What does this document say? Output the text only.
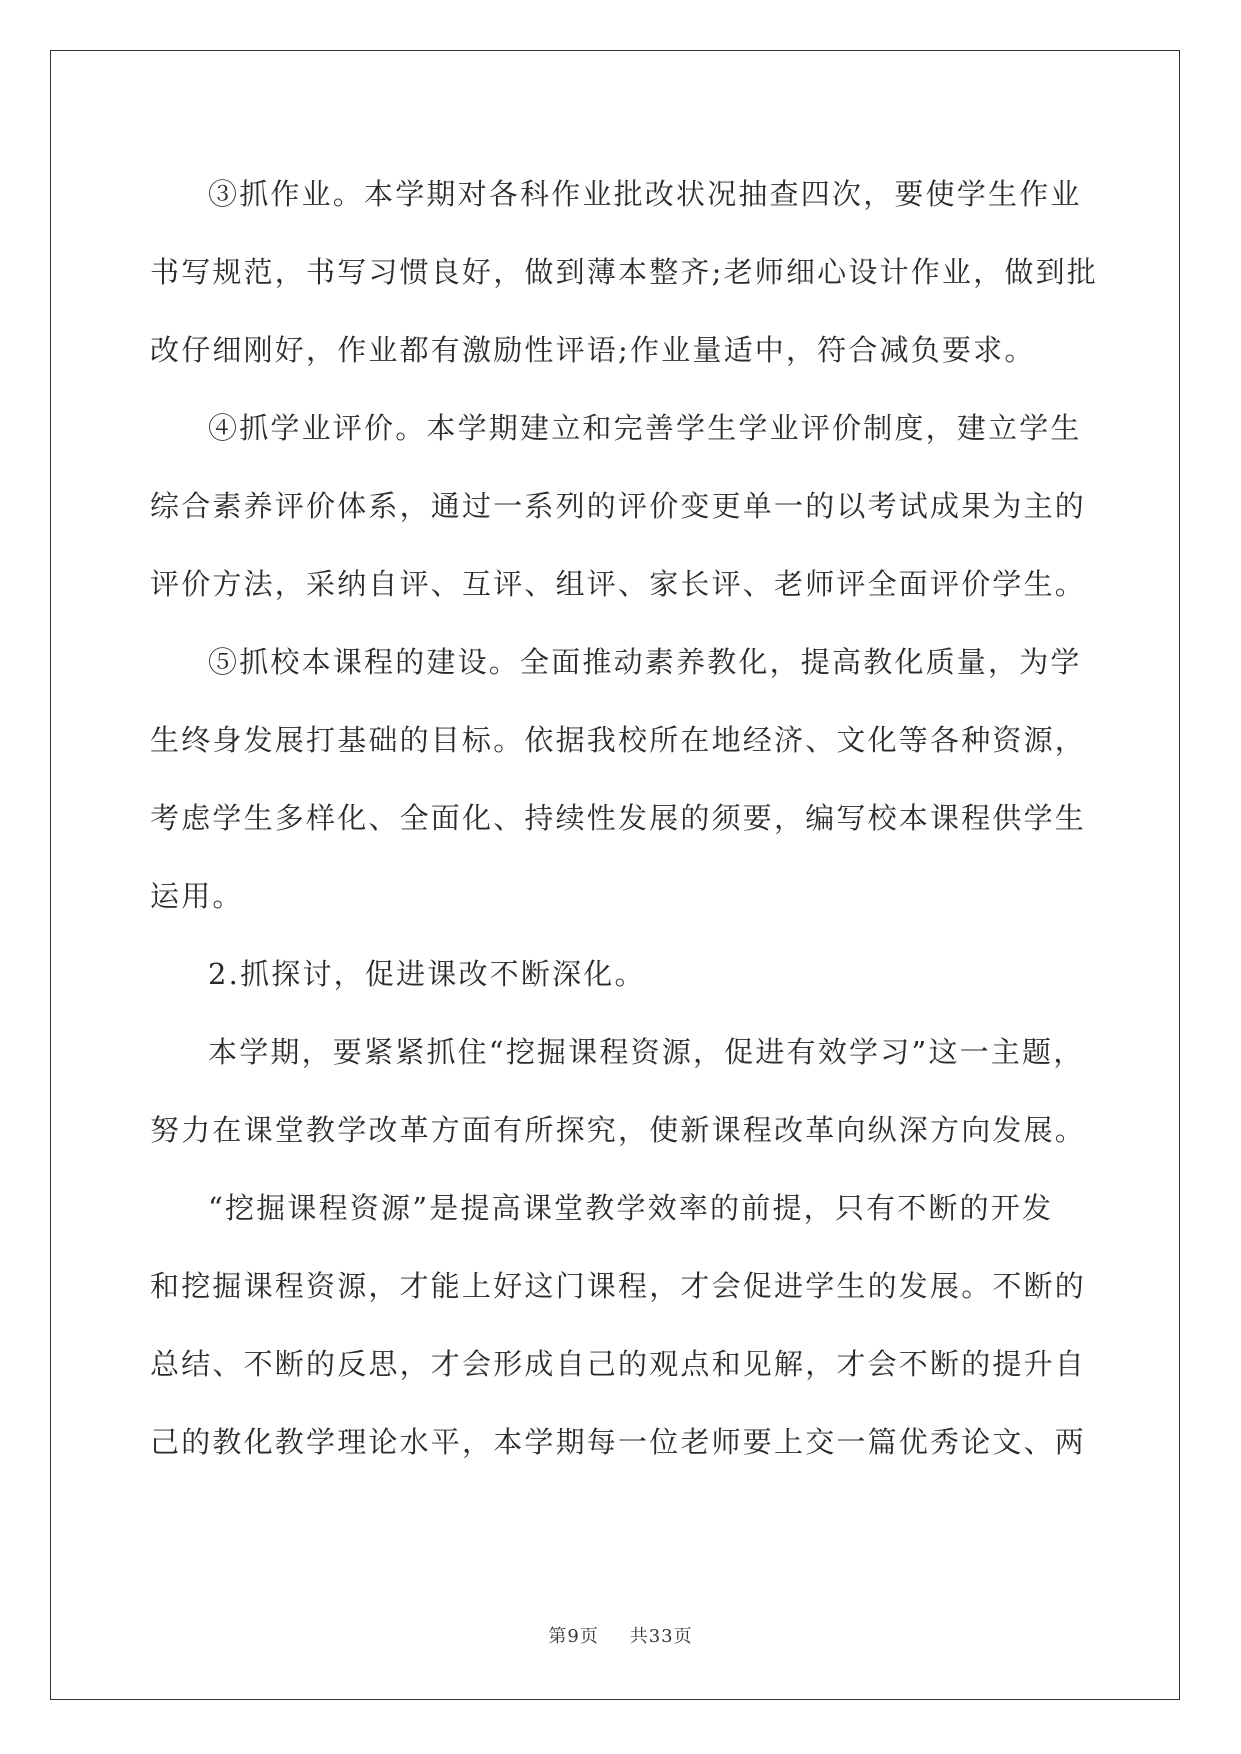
③抓作业。本学期对各科作业批改状况抽查四次，要使学生作业
书写规范，书写习惯良好，做到薄本整齐;老师细心设计作业，做到批
改仔细刚好，作业都有激励性评语;作业量适中，符合减负要求。
④抓学业评价。本学期建立和完善学生学业评价制度，建立学生
综合素养评价体系，通过一系列的评价变更单一的以考试成果为主的
评价方法，采纳自评、互评、组评、家长评、老师评全面评价学生。
⑤抓校本课程的建设。全面推动素养教化，提高教化质量，为学
生终身发展打基础的目标。依据我校所在地经济、文化等各种资源，
考虑学生多样化、全面化、持续性发展的须要，编写校本课程供学生
运用。
2.抓探讨，促进课改不断深化。
本学期，要紧紧抓住“挖掘课程资源，促进有效学习”这一主题，
努力在课堂教学改革方面有所探究，使新课程改革向纵深方向发展。
“挖掘课程资源”是提高课堂教学效率的前提，只有不断的开发
和挖掘课程资源，才能上好这门课程，才会促进学生的发展。不断的
总结、不断的反思，才会形成自己的观点和见解，才会不断的提升自
己的教化教学理论水平，本学期每一位老师要上交一篇优秀论文、两
第9页 共33页
